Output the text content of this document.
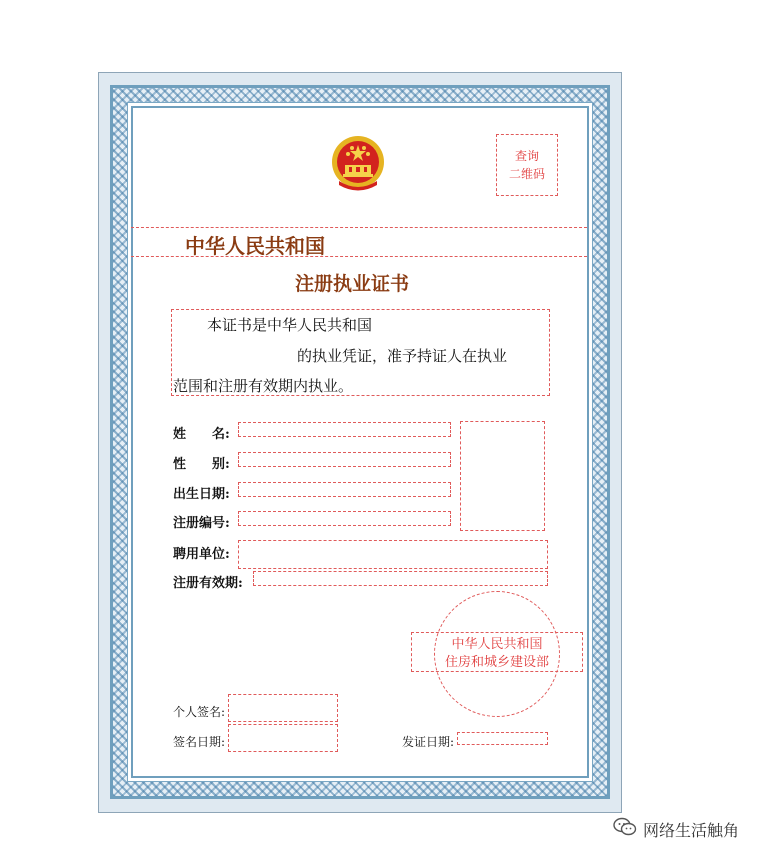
查询
二维码
中华人民共和国
注册执业证书
本证书是中华人民共和国
的执业凭证，准予持证人在执业
范围和注册有效期内执业。
姓　　名:
性　　别:
出生日期:
注册编号:
聘用单位:
注册有效期:
中华人民共和国
住房和城乡建设部
个人签名:
签名日期:	发证日期:
网络生活触角
